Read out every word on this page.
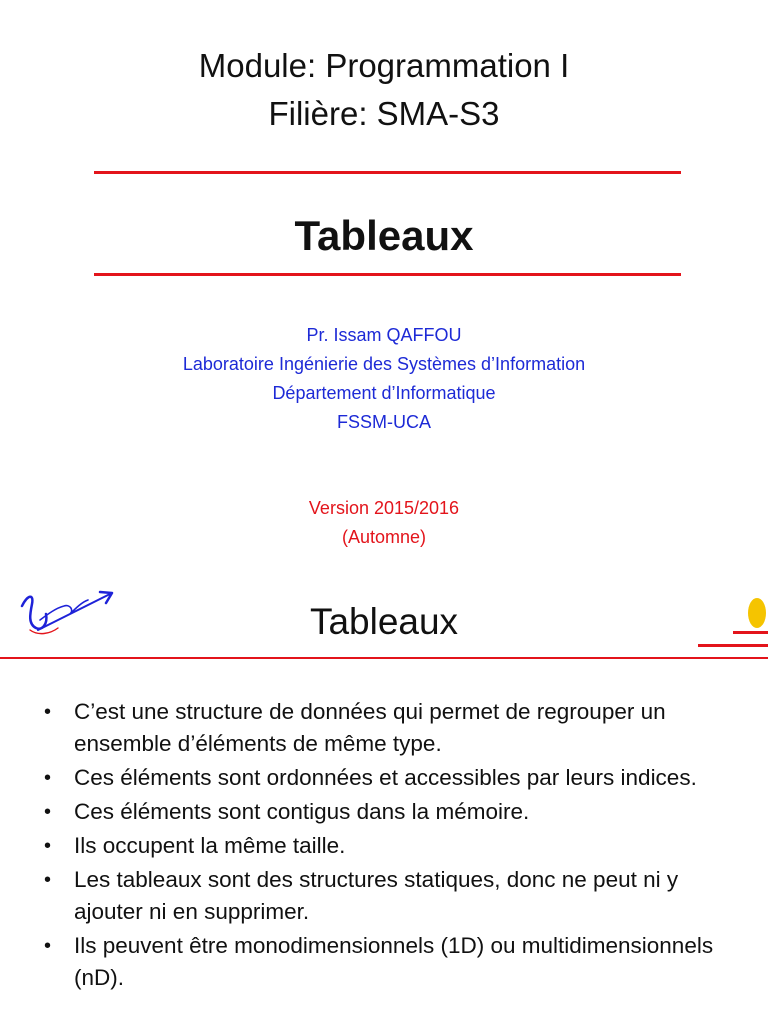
Module: Programmation I
Filière: SMA-S3
Tableaux
Pr. Issam QAFFOU
Laboratoire Ingénierie des Systèmes d’Information
Département d’Informatique
FSSM-UCA
Version 2015/2016
(Automne)
Tableaux
• C’est une structure de données qui permet de regrouper un ensemble d’éléments de même type.
• Ces éléments sont ordonnées et accessibles par leurs indices.
• Ces éléments sont contigus dans la mémoire.
• Ils occupent la même taille.
• Les tableaux sont des structures statiques, donc ne peut ni y ajouter ni en supprimer.
• Ils peuvent être monodimensionnels (1D) ou multidimensionnels (nD).
